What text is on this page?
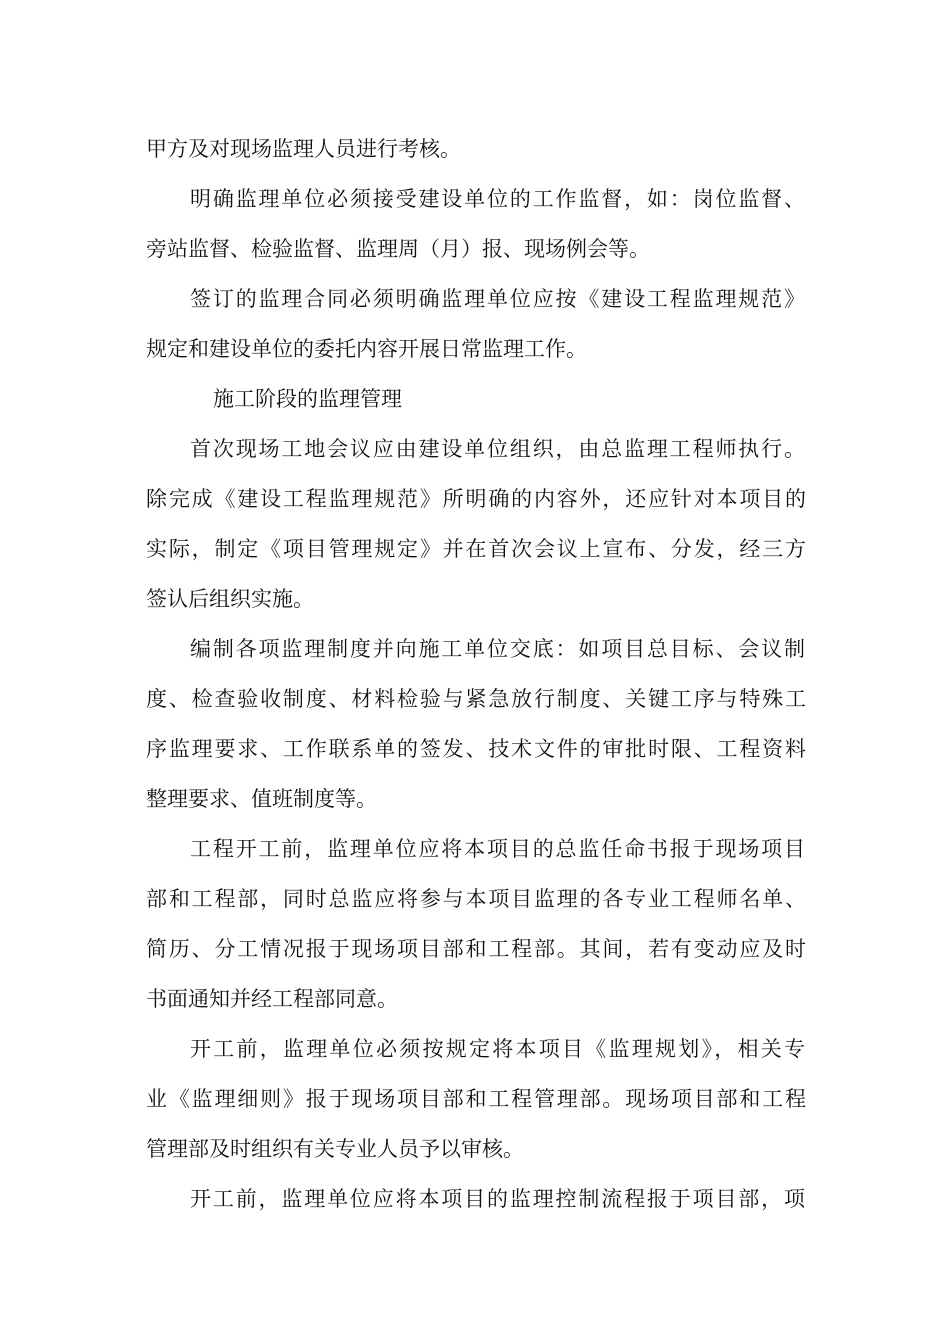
甲方及对现场监理人员进行考核。
明确监理单位必须接受建设单位的工作监督，如：岗位监督、
旁站监督、检验监督、监理周（月）报、现场例会等。
签订的监理合同必须明确监理单位应按《建设工程监理规范》
规定和建设单位的委托内容开展日常监理工作。
施工阶段的监理管理
首次现场工地会议应由建设单位组织，由总监理工程师执行。
除完成《建设工程监理规范》所明确的内容外，还应针对本项目的
实际，制定《项目管理规定》并在首次会议上宣布、分发，经三方
签认后组织实施。
编制各项监理制度并向施工单位交底：如项目总目标、会议制
度、检查验收制度、材料检验与紧急放行制度、关键工序与特殊工
序监理要求、工作联系单的签发、技术文件的审批时限、工程资料
整理要求、值班制度等。
工程开工前，监理单位应将本项目的总监任命书报于现场项目
部和工程部，同时总监应将参与本项目监理的各专业工程师名单、
简历、分工情况报于现场项目部和工程部。其间，若有变动应及时
书面通知并经工程部同意。
开工前，监理单位必须按规定将本项目《监理规划》，相关专
业《监理细则》报于现场项目部和工程管理部。现场项目部和工程
管理部及时组织有关专业人员予以审核。
开工前，监理单位应将本项目的监理控制流程报于项目部，项
